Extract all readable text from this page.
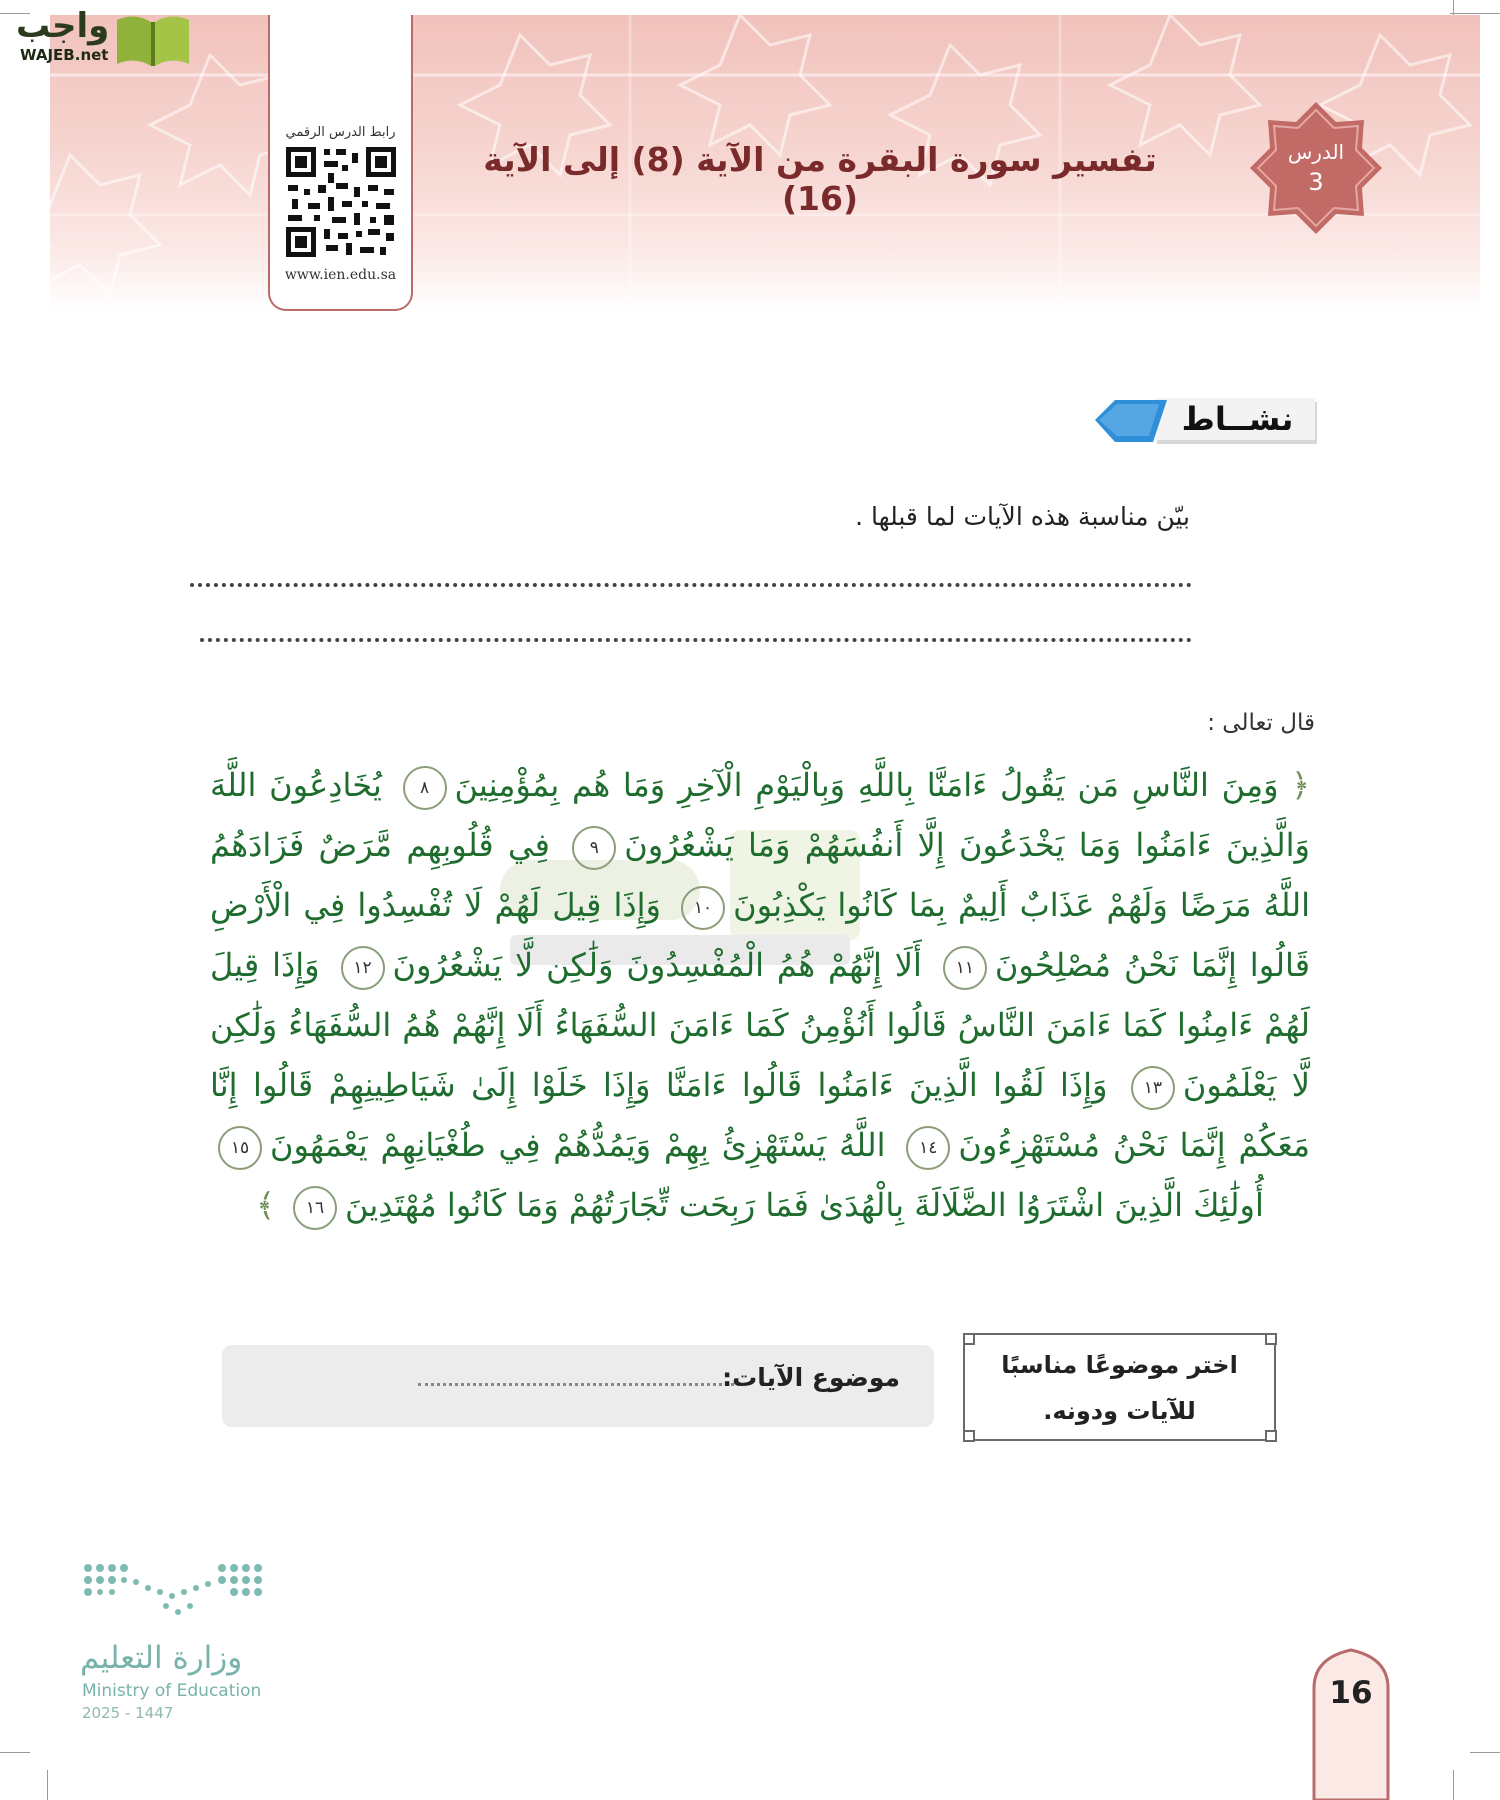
واجب
WAJEB.net
رابط الدرس الرقمي
www.ien.edu.sa
تفسير سورة البقرة من الآية (8) إلى الآية (16)
الدرس
3
نشــاط
بيّن مناسبة هذه الآيات لما قبلها .
قال تعالى :
﴿ وَمِنَ النَّاسِ مَن يَقُولُ ءَامَنَّا بِاللَّهِ وَبِالْيَوْمِ الْآخِرِ وَمَا هُم بِمُؤْمِنِينَ٨ يُخَادِعُونَ اللَّهَ وَالَّذِينَ ءَامَنُوا وَمَا يَخْدَعُونَ إِلَّا أَنفُسَهُمْ وَمَا يَشْعُرُونَ٩ فِي قُلُوبِهِم مَّرَضٌ فَزَادَهُمُ اللَّهُ مَرَضًا وَلَهُمْ عَذَابٌ أَلِيمٌ بِمَا كَانُوا يَكْذِبُونَ١٠ وَإِذَا قِيلَ لَهُمْ لَا تُفْسِدُوا فِي الْأَرْضِ قَالُوا إِنَّمَا نَحْنُ مُصْلِحُونَ١١ أَلَا إِنَّهُمْ هُمُ الْمُفْسِدُونَ وَلَٰكِن لَّا يَشْعُرُونَ١٢ وَإِذَا قِيلَ لَهُمْ ءَامِنُوا كَمَا ءَامَنَ النَّاسُ قَالُوا أَنُؤْمِنُ كَمَا ءَامَنَ السُّفَهَاءُ أَلَا إِنَّهُمْ هُمُ السُّفَهَاءُ وَلَٰكِن لَّا يَعْلَمُونَ١٣ وَإِذَا لَقُوا الَّذِينَ ءَامَنُوا قَالُوا ءَامَنَّا وَإِذَا خَلَوْا إِلَىٰ شَيَاطِينِهِمْ قَالُوا إِنَّا مَعَكُمْ إِنَّمَا نَحْنُ مُسْتَهْزِءُونَ١٤ اللَّهُ يَسْتَهْزِئُ بِهِمْ وَيَمُدُّهُمْ فِي طُغْيَانِهِمْ يَعْمَهُونَ١٥ أُولَٰئِكَ الَّذِينَ اشْتَرَوُا الضَّلَالَةَ بِالْهُدَىٰ فَمَا رَبِحَت تِّجَارَتُهُمْ وَمَا كَانُوا مُهْتَدِينَ١٦ ﴾
موضوع الآيات:	اختر موضوعًا مناسبًا للآيات ودونه.
وزارة التعليم
Ministry of Education
2025 - 1447
16
